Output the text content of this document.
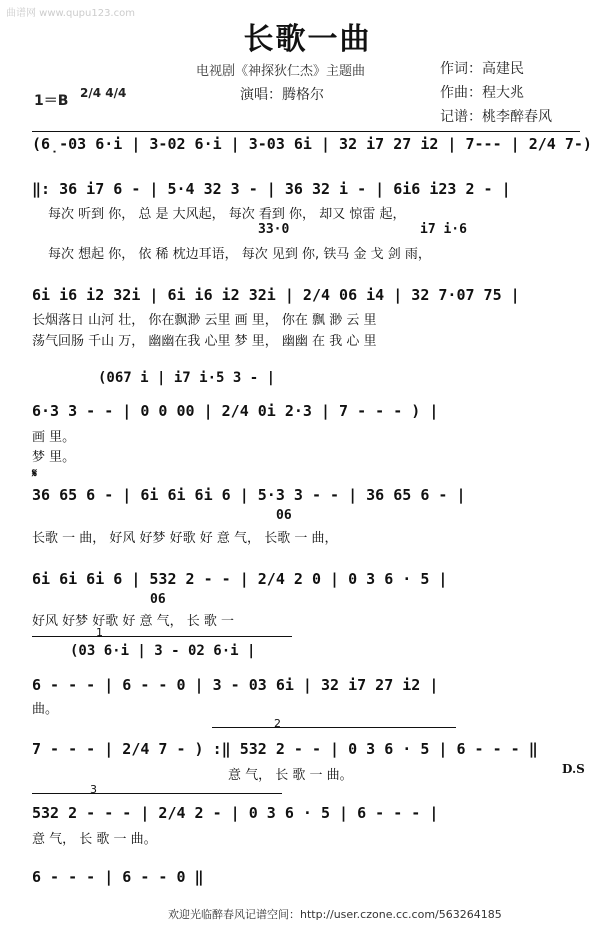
曲谱网 www.qupu123.com
长歌一曲
电视剧《神探狄仁杰》主题曲	作词：高建民
1＝B 2/4 4/4	演唱：腾格尔	作曲：程大兆
记谱：桃李醉春风
(6̣-03 6·i | 3-02 6·i | 3-03 6i | 32 i7 27 i2 | 7--- | 2/4 7-)
‖: 36 i7 6 - | 5·4 32 3 - | 36 32 i - | 6i6 i23 2 - |
每次 听到 你， 总 是 大风起， 每次 看到 你， 却又 惊雷 起，
33·0	i7 i·6
每次 想起 你， 依 稀 枕边耳语， 每次 见到 你, 铁马 金 戈 剑 雨，
6i i6 i2 32i | 6i i6 i2 32i | 2/4 06 i4 | 32 7·07 75 |
长烟落日 山河 壮， 你在飘渺 云里 画 里， 你在 飘 渺 云 里
荡气回肠 千山 万， 幽幽在我 心里 梦 里， 幽幽 在 我 心 里
(067 i | i7 i·5 3 - |
6·3 3 - - | 0 0 00 | 2/4 0i 2·3 | 7 - - - ) |
画 里。
梦 里。
𝄋
36 65 6 - | 6i 6i 6i 6 | 5·3 3 - - | 36 65 6 - |
06
长歌 一 曲， 好风 好梦 好歌 好 意 气， 长歌 一 曲，
6i 6i 6i 6 | 532 2 - - | 2/4 2 0 | 0 3 6 · 5 |
06
好风 好梦 好歌 好 意 气， 长 歌 一
1
(03 6·i | 3 - 02 6·i |
6 - - - | 6 - - 0 | 3 - 03 6i | 32 i7 27 i2 |
曲。
2
7 - - - | 2/4 7 - ) :‖ 532 2 - - | 0 3 6 · 5 | 6 - - - ‖
意 气， 长 歌 一 曲。	D.S
3
532 2 - - - | 2/4 2 - | 0 3 6 · 5 | 6 - - - |
意 气， 长 歌 一 曲。
6 - - - | 6 - - 0 ‖
欢迎光临醉春风记谱空间：http://user.czone.cc.com/563264185
